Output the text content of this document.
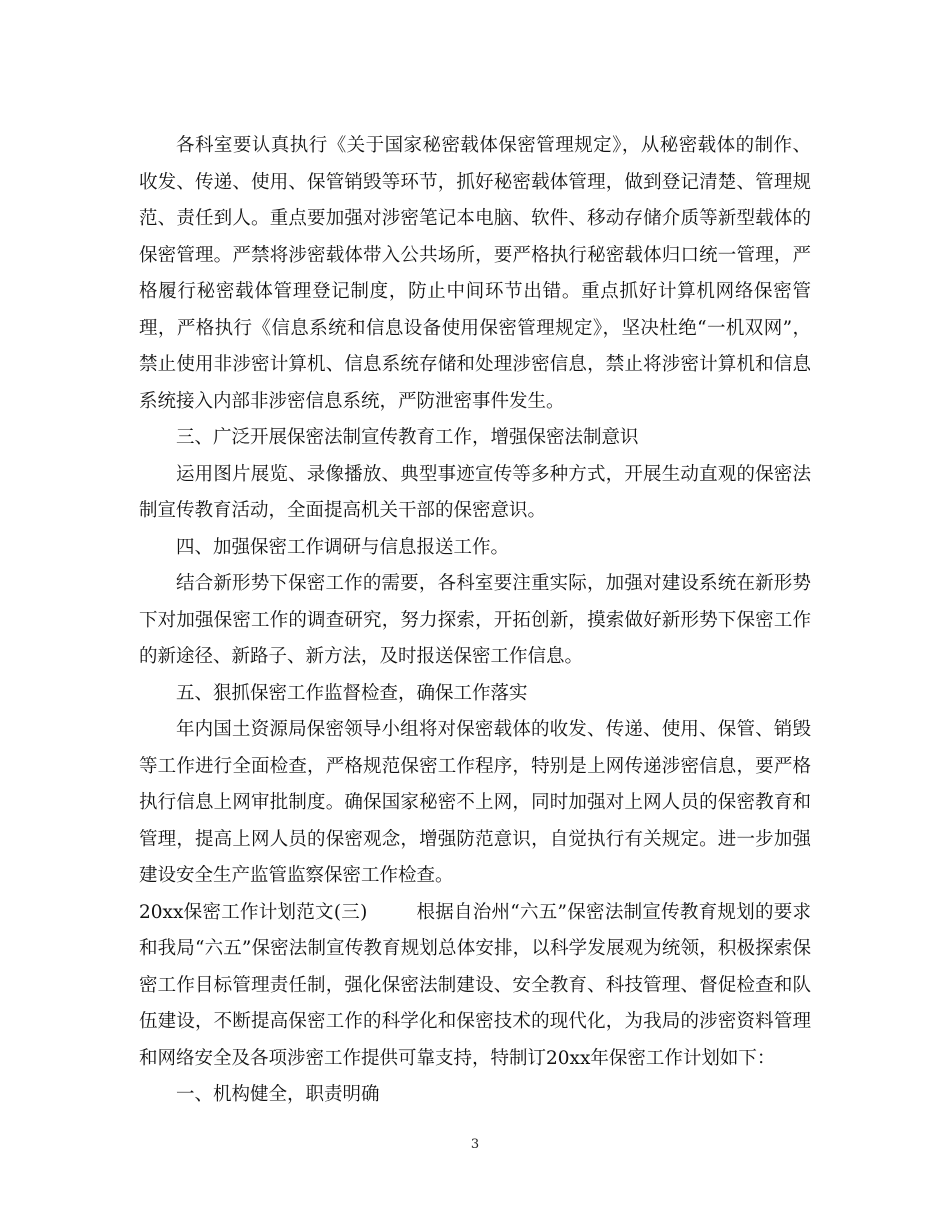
各科室要认真执行《关于国家秘密载体保密管理规定》，从秘密载体的制作、收发、传递、使用、保管销毁等环节，抓好秘密载体管理，做到登记清楚、管理规范、责任到人。重点要加强对涉密笔记本电脑、软件、移动存储介质等新型载体的保密管理。严禁将涉密载体带入公共场所，要严格执行秘密载体归口统一管理，严格履行秘密载体管理登记制度，防止中间环节出错。重点抓好计算机网络保密管理，严格执行《信息系统和信息设备使用保密管理规定》，坚决杜绝“一机双网”，禁止使用非涉密计算机、信息系统存储和处理涉密信息，禁止将涉密计算机和信息系统接入内部非涉密信息系统，严防泄密事件发生。

三、广泛开展保密法制宣传教育工作，增强保密法制意识

运用图片展览、录像播放、典型事迹宣传等多种方式，开展生动直观的保密法制宣传教育活动，全面提高机关干部的保密意识。

四、加强保密工作调研与信息报送工作。

结合新形势下保密工作的需要，各科室要注重实际，加强对建设系统在新形势下对加强保密工作的调查研究，努力探索，开拓创新，摸索做好新形势下保密工作的新途径、新路子、新方法，及时报送保密工作信息。

五、狠抓保密工作监督检查，确保工作落实

年内国土资源局保密领导小组将对保密载体的收发、传递、使用、保管、销毁等工作进行全面检查，严格规范保密工作程序，特别是上网传递涉密信息，要严格执行信息上网审批制度。确保国家秘密不上网，同时加强对上网人员的保密教育和管理，提高上网人员的保密观念，增强防范意识，自觉执行有关规定。进一步加强建设安全生产监管监察保密工作检查。

20xx保密工作计划范文(三)        根据自治州“六五”保密法制宣传教育规划的要求和我局“六五”保密法制宣传教育规划总体安排，以科学发展观为统领，积极探索保密工作目标管理责任制，强化保密法制建设、安全教育、科技管理、督促检查和队伍建设，不断提高保密工作的科学化和保密技术的现代化，为我局的涉密资料管理和网络安全及各项涉密工作提供可靠支持，特制订20xx年保密工作计划如下：

一、机构健全，职责明确

3
